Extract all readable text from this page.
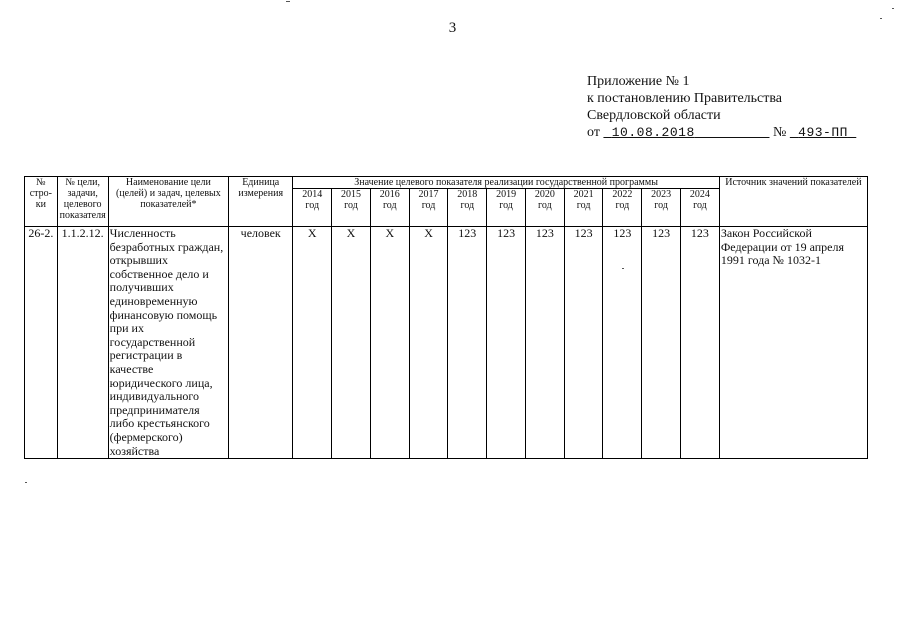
3
Приложение № 1
к постановлению Правительства
Свердловской области
от 10.08.2018	№ 493-ПП
№ стро-ки	№ цели, задачи, целевого показателя	Наименование цели (целей) и задач, целевых показателей*	Единица измерения	Значение целевого показателя реализации государственной программы											Источник значений показателей
				2014 год	2015 год	2016 год	2017 год	2018 год	2019 год	2020 год	2021 год	2022 год	2023 год	2024 год	
26-2.	1.1.2.12.	Численность безработных граждан, открывших собственное дело и получивших единовременную финансовую помощь при их государственной регистрации в качестве юридического лица, индивидуального предпринимателя либо крестьянского (фермерского) хозяйства	человек	X	X	X	X	123	123	123	123	123	123	123	Закон Российской Федерации от 19 апреля 1991 года № 1032-1
